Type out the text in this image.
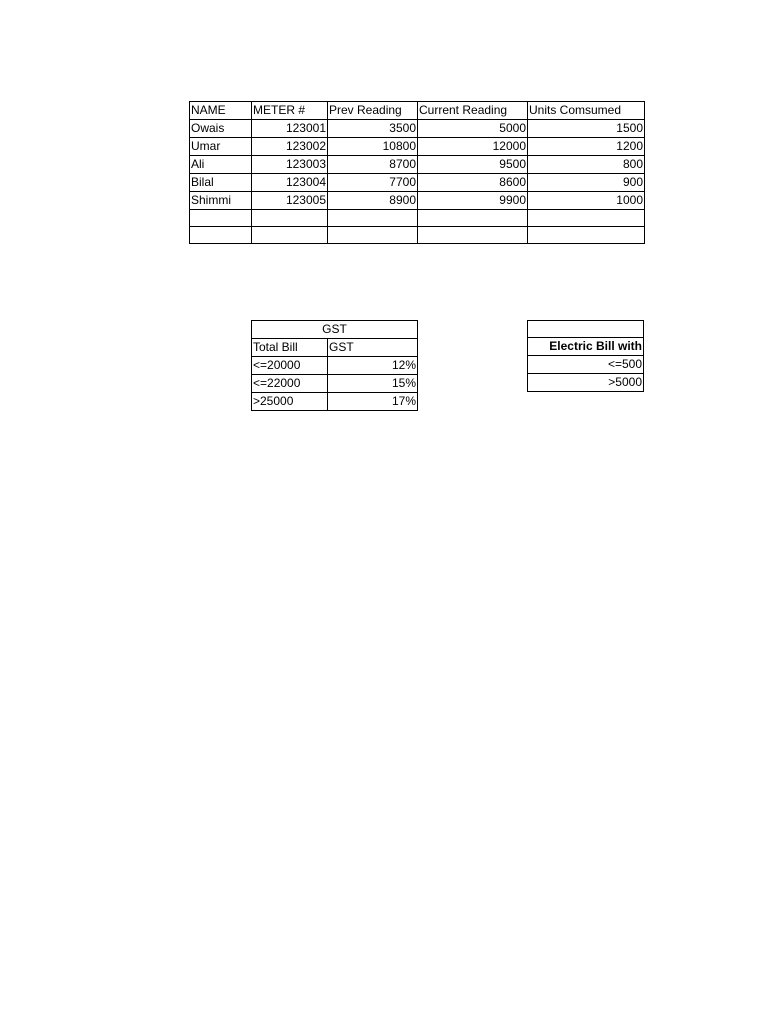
NAME	METER #	Prev Reading	Current Reading	Units Comsumed
Owais	123001	3500	5000	1500
Umar	123002	10800	12000	1200
Ali	123003	8700	9500	800
Bilal	123004	7700	8600	900
Shimmi	123005	8900	9900	1000

GST	
Total Bill	GST
<=20000	12%
<=22000	15%
>25000	17%

Electric Bill with
<=500
>5000
